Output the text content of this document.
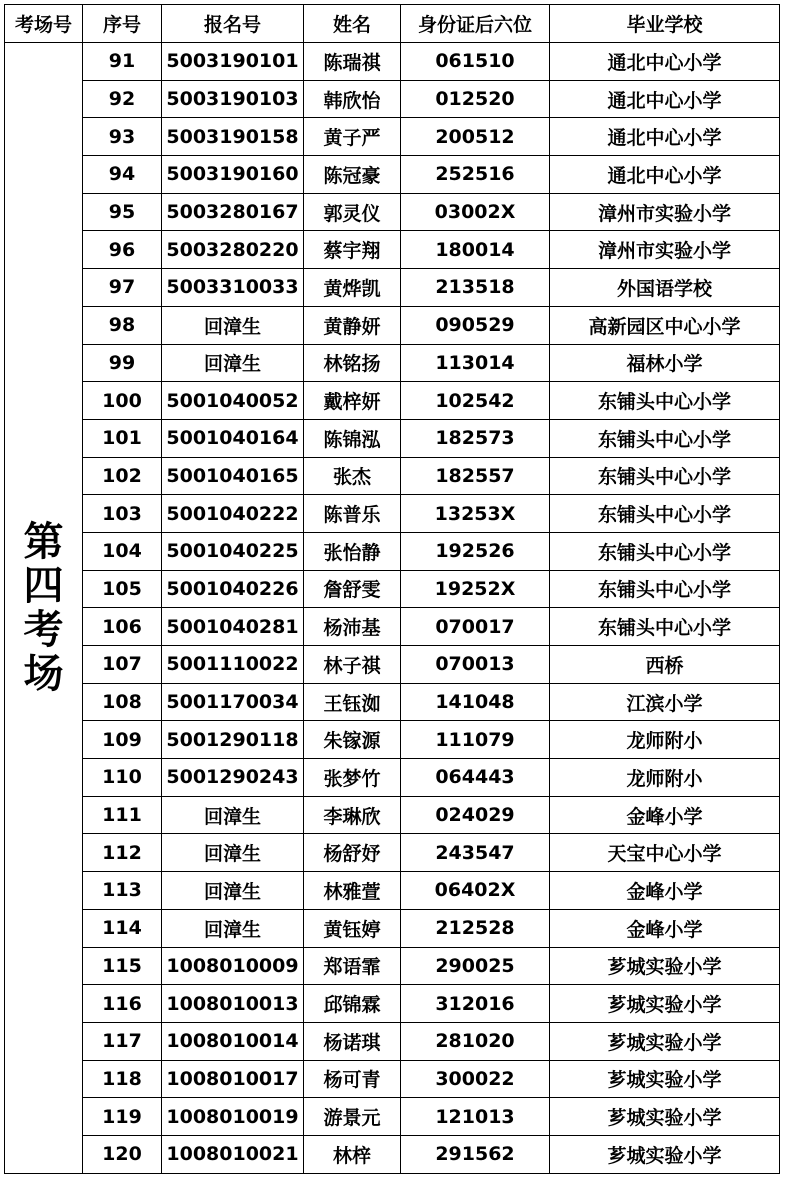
考场号	序号	报名号	姓名	身份证后六位	毕业学校

第
四
考
场	91	5003190101	陈瑞祺	061510	通北中心小学
	92	5003190103	韩欣怡	012520	通北中心小学
	93	5003190158	黄子严	200512	通北中心小学
	94	5003190160	陈冠豪	252516	通北中心小学
	95	5003280167	郭灵仪	03002X	漳州市实验小学
	96	5003280220	蔡宇翔	180014	漳州市实验小学
	97	5003310033	黄烨凯	213518	外国语学校
	98	回漳生	黄静妍	090529	高新园区中心小学
	99	回漳生	林铭扬	113014	福林小学
	100	5001040052	戴梓妍	102542	东铺头中心小学
	101	5001040164	陈锦泓	182573	东铺头中心小学
	102	5001040165	张杰	182557	东铺头中心小学
	103	5001040222	陈普乐	13253X	东铺头中心小学
	104	5001040225	张怡静	192526	东铺头中心小学
	105	5001040226	詹舒雯	19252X	东铺头中心小学
	106	5001040281	杨沛基	070017	东铺头中心小学
	107	5001110022	林子祺	070013	西桥
	108	5001170034	王钰洳	141048	江滨小学
	109	5001290118	朱镓源	111079	龙师附小
	110	5001290243	张梦竹	064443	龙师附小
	111	回漳生	李琳欣	024029	金峰小学
	112	回漳生	杨舒妤	243547	天宝中心小学
	113	回漳生	林雅萱	06402X	金峰小学
	114	回漳生	黄钰婷	212528	金峰小学
	115	1008010009	郑语霏	290025	芗城实验小学
	116	1008010013	邱锦霖	312016	芗城实验小学
	117	1008010014	杨诺琪	281020	芗城实验小学
	118	1008010017	杨可青	300022	芗城实验小学
	119	1008010019	游景元	121013	芗城实验小学
	120	1008010021	林梓	291562	芗城实验小学
